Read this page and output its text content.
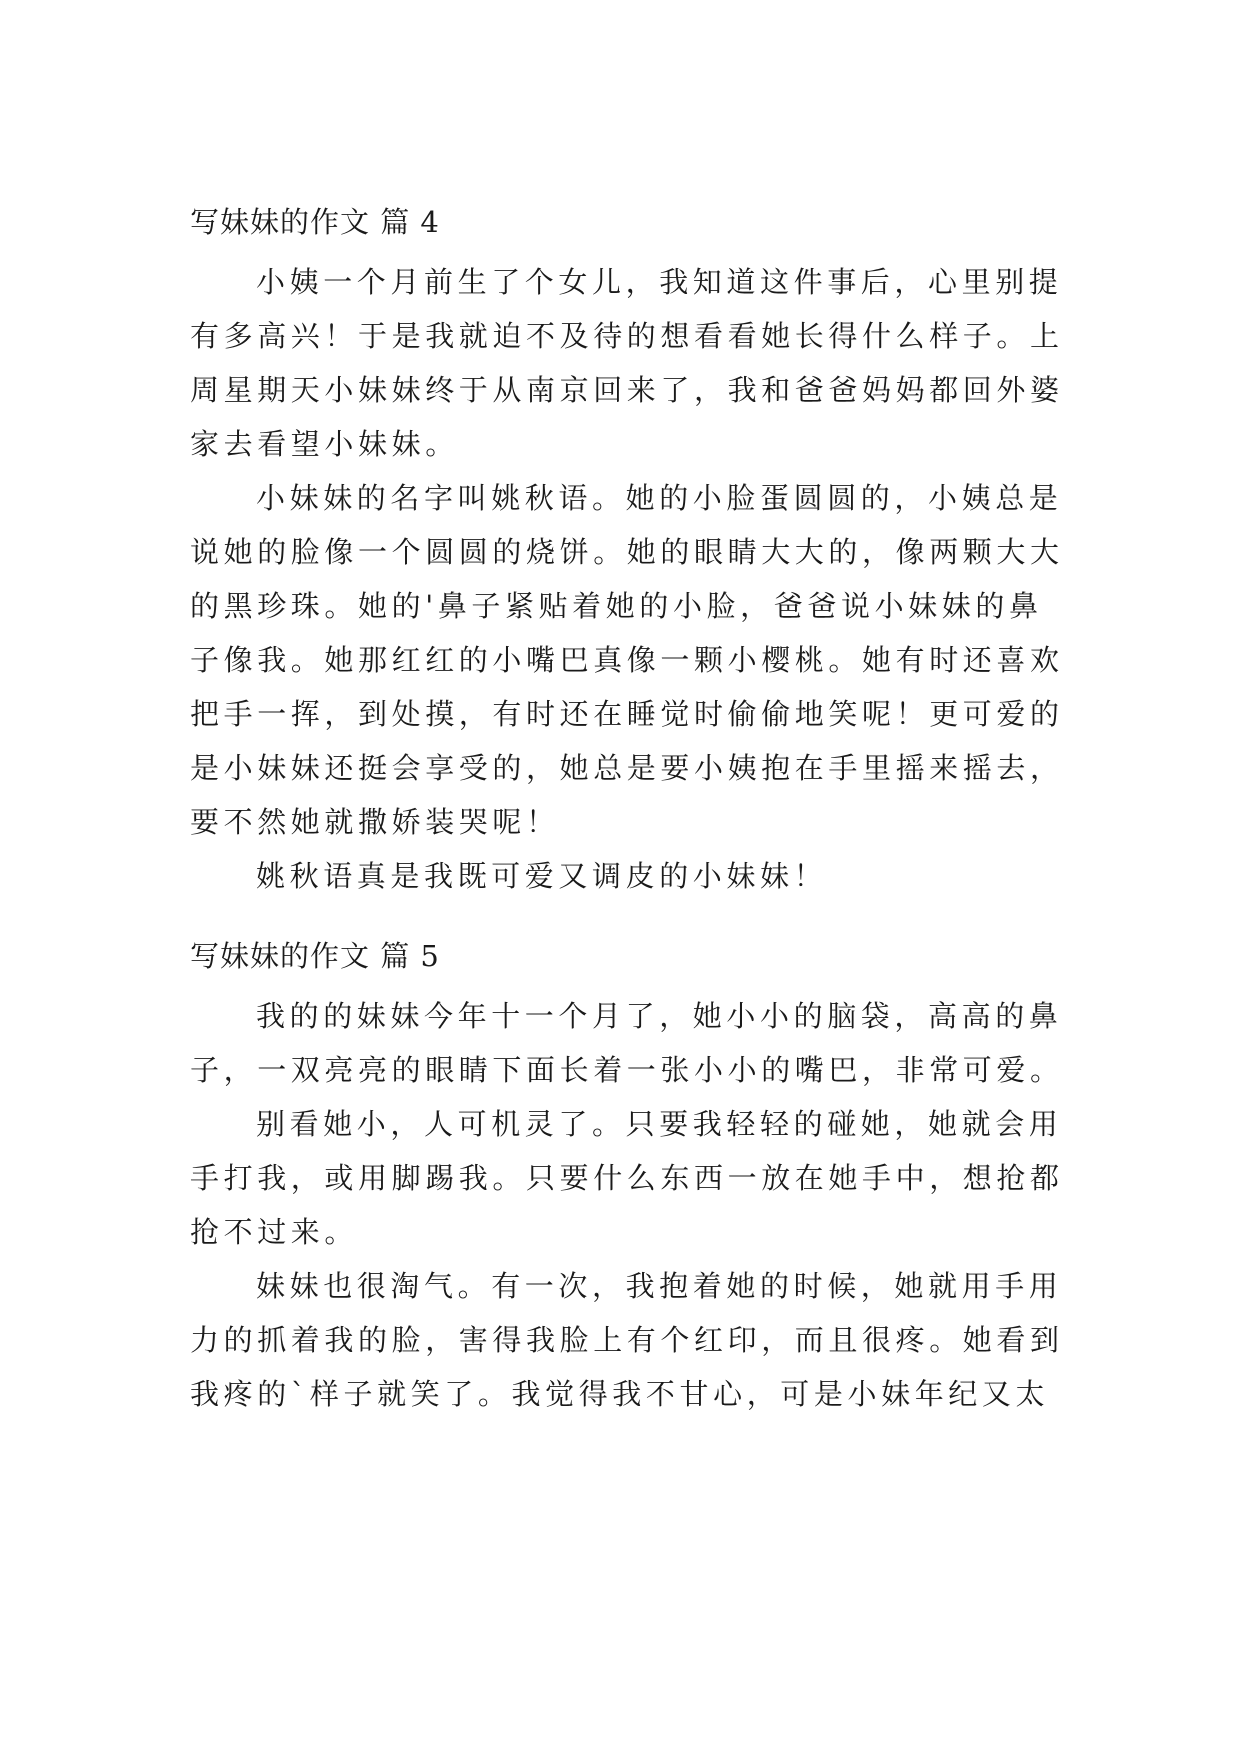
写妹妹的作文 篇 4
小姨一个月前生了个女儿，我知道这件事后，心里别提
有多高兴！于是我就迫不及待的想看看她长得什么样子。上
周星期天小妹妹终于从南京回来了，我和爸爸妈妈都回外婆
家去看望小妹妹。
小妹妹的名字叫姚秋语。她的小脸蛋圆圆的，小姨总是
说她的脸像一个圆圆的烧饼。她的眼睛大大的，像两颗大大
的黑珍珠。她的'鼻子紧贴着她的小脸，爸爸说小妹妹的鼻
子像我。她那红红的小嘴巴真像一颗小樱桃。她有时还喜欢
把手一挥，到处摸，有时还在睡觉时偷偷地笑呢！更可爱的
是小妹妹还挺会享受的，她总是要小姨抱在手里摇来摇去，
要不然她就撒娇装哭呢！
姚秋语真是我既可爱又调皮的小妹妹！
写妹妹的作文 篇 5
我的的妹妹今年十一个月了，她小小的脑袋，高高的鼻
子，一双亮亮的眼睛下面长着一张小小的嘴巴，非常可爱。
别看她小，人可机灵了。只要我轻轻的碰她，她就会用
手打我，或用脚踢我。只要什么东西一放在她手中，想抢都
抢不过来。
妹妹也很淘气。有一次，我抱着她的时候，她就用手用
力的抓着我的脸，害得我脸上有个红印，而且很疼。她看到
我疼的`样子就笑了。我觉得我不甘心，可是小妹年纪又太
